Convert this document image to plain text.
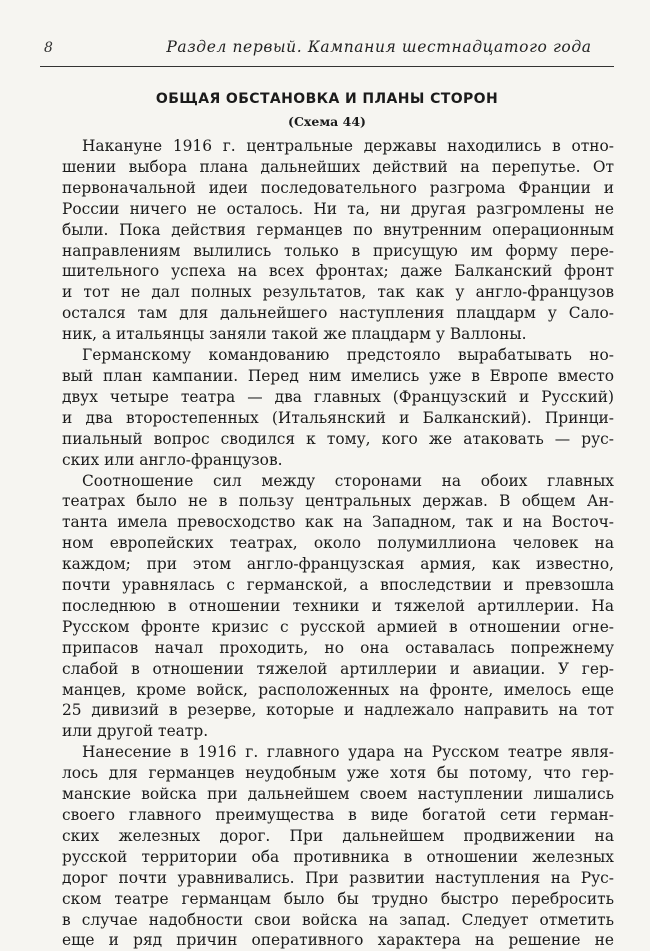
8	Раздел первый. Кампания шестнадцатого года
ОБЩАЯ ОБСТАНОВКА И ПЛАНЫ СТОРОН
(Схема 44)
Накануне 1916 г. центральные державы находились в отно-
шении выбора плана дальнейших действий на перепутье. От
первоначальной идеи последовательного разгрома Франции и
России ничего не осталось. Ни та, ни другая разгромлены не
были. Пока действия германцев по внутренним операционным
направлениям вылились только в присущую им форму пере-
шительного успеха на всех фронтах; даже Балканский фронт
и тот не дал полных результатов, так как у англо-французов
остался там для дальнейшего наступления плацдарм у Сало-
ник, а итальянцы заняли такой же плацдарм у Валлоны.
Германскому командованию предстояло вырабатывать но-
вый план кампании. Перед ним имелись уже в Европе вместо
двух четыре театра — два главных (Французский и Русский)
и два второстепенных (Итальянский и Балканский). Принци-
пиальный вопрос сводился к тому, кого же атаковать — рус-
ских или англо-французов.
Соотношение сил между сторонами на обоих главных
театрах было не в пользу центральных держав. В общем Ан-
танта имела превосходство как на Западном, так и на Восточ-
ном европейских театрах, около полумиллиона человек на
каждом; при этом англо-французская армия, как известно,
почти уравнялась с германской, а впоследствии и превзошла
последнюю в отношении техники и тяжелой артиллерии. На
Русском фронте кризис с русской армией в отношении огне-
припасов начал проходить, но она оставалась попрежнему
слабой в отношении тяжелой артиллерии и авиации. У гер-
манцев, кроме войск, расположенных на фронте, имелось еще
25 дивизий в резерве, которые и надлежало направить на тот
или другой театр.
Нанесение в 1916 г. главного удара на Русском театре явля-
лось для германцев неудобным уже хотя бы потому, что гер-
манские войска при дальнейшем своем наступлении лишались
своего главного преимущества в виде богатой сети герман-
ских железных дорог. При дальнейшем продвижении на
русской территории оба противника в отношении железных
дорог почти уравнивались. При развитии наступления на Рус-
ском театре германцам было бы трудно быстро перебросить
в случае надобности свои войска на запад. Следует отметить
еще и ряд причин оперативного характера на решение не
